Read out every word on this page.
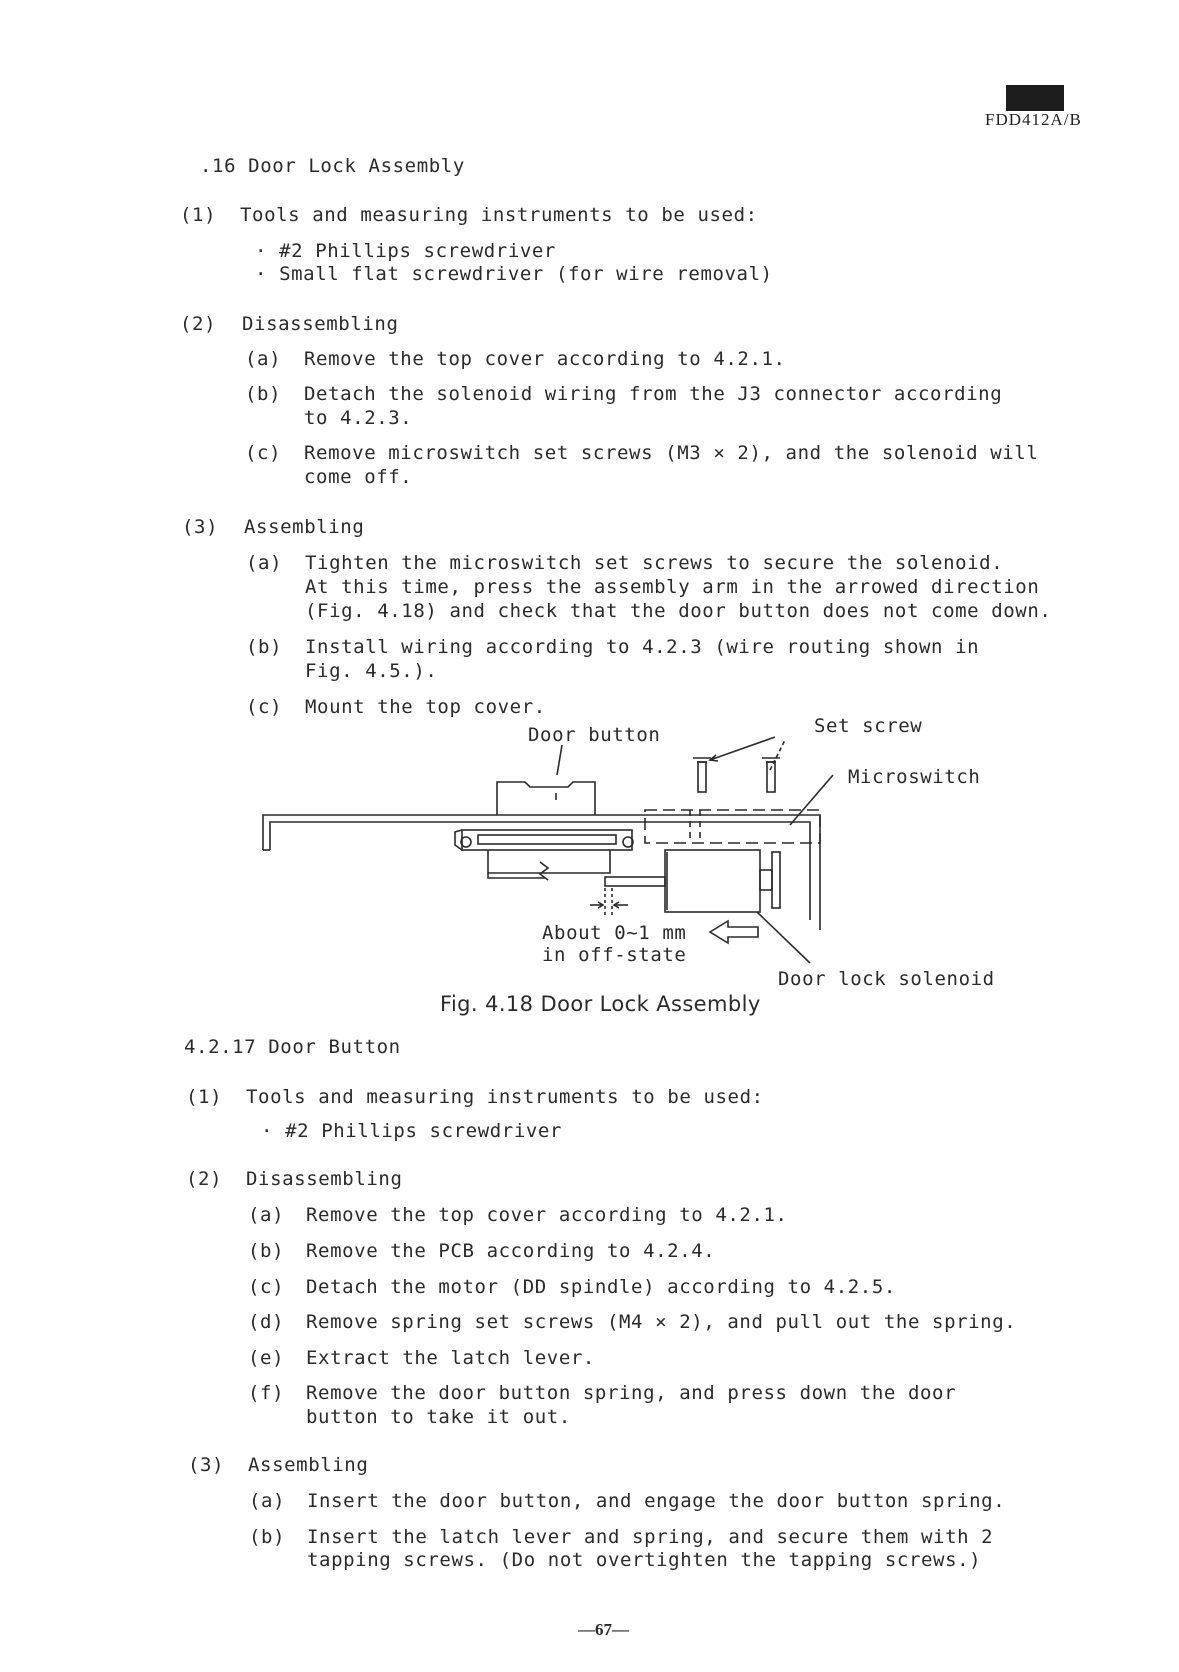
FDD412A/B
.16 Door Lock Assembly
(1) Tools and measuring instruments to be used:
· #2 Phillips screwdriver
· Small flat screwdriver (for wire removal)
(2) Disassembling
(a) Remove the top cover according to 4.2.1.
(b) Detach the solenoid wiring from the J3 connector according
to 4.2.3.
(c) Remove microswitch set screws (M3 × 2), and the solenoid will
come off.
(3) Assembling
(a) Tighten the microswitch set screws to secure the solenoid.
At this time, press the assembly arm in the arrowed direction
(Fig. 4.18) and check that the door button does not come down.
(b) Install wiring according to 4.2.3 (wire routing shown in
Fig. 4.5.).
(c) Mount the top cover.
Door button	Set screw
Microswitch
About 0~1 mm
in off-state
Door lock solenoid
Fig. 4.18 Door Lock Assembly
4.2.17 Door Button
(1) Tools and measuring instruments to be used:
· #2 Phillips screwdriver
(2) Disassembling
(a) Remove the top cover according to 4.2.1.
(b) Remove the PCB according to 4.2.4.
(c) Detach the motor (DD spindle) according to 4.2.5.
(d) Remove spring set screws (M4 × 2), and pull out the spring.
(e) Extract the latch lever.
(f) Remove the door button spring, and press down the door
button to take it out.
(3) Assembling
(a) Insert the door button, and engage the door button spring.
(b) Insert the latch lever and spring, and secure them with 2
tapping screws. (Do not overtighten the tapping screws.)
—67—
